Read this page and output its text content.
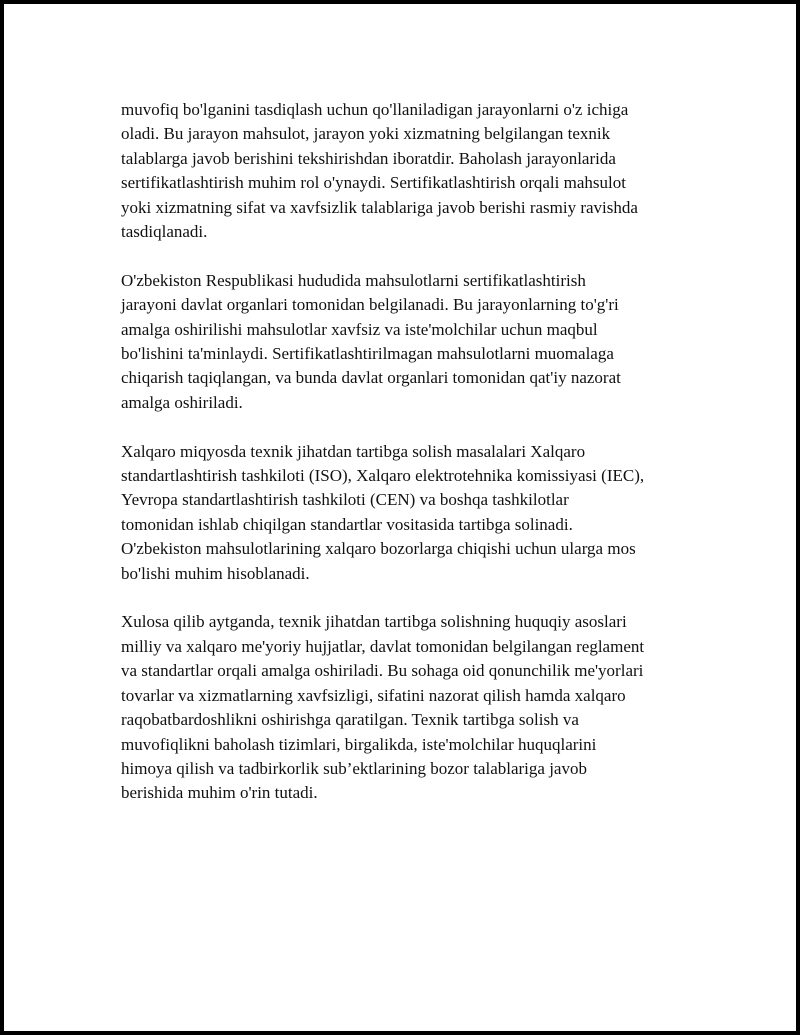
muvofiq bo'lganini tasdiqlash uchun qo'llaniladigan jarayonlarni o'z ichiga
oladi. Bu jarayon mahsulot, jarayon yoki xizmatning belgilangan texnik
talablarga javob berishini tekshirishdan iboratdir. Baholash jarayonlarida
sertifikatlashtirish muhim rol o'ynaydi. Sertifikatlashtirish orqali mahsulot
yoki xizmatning sifat va xavfsizlik talablariga javob berishi rasmiy ravishda
tasdiqlanadi.

O'zbekiston Respublikasi hududida mahsulotlarni sertifikatlashtirish
jarayoni davlat organlari tomonidan belgilanadi. Bu jarayonlarning to'g'ri
amalga oshirilishi mahsulotlar xavfsiz va iste'molchilar uchun maqbul
bo'lishini ta'minlaydi. Sertifikatlashtirilmagan mahsulotlarni muomalaga
chiqarish taqiqlangan, va bunda davlat organlari tomonidan qat'iy nazorat
amalga oshiriladi.

Xalqaro miqyosda texnik jihatdan tartibga solish masalalari Xalqaro
standartlashtirish tashkiloti (ISO), Xalqaro elektrotehnika komissiyasi (IEC),
Yevropa standartlashtirish tashkiloti (CEN) va boshqa tashkilotlar
tomonidan ishlab chiqilgan standartlar vositasida tartibga solinadi.
O'zbekiston mahsulotlarining xalqaro bozorlarga chiqishi uchun ularga mos
bo'lishi muhim hisoblanadi.

Xulosa qilib aytganda, texnik jihatdan tartibga solishning huquqiy asoslari
milliy va xalqaro me'yoriy hujjatlar, davlat tomonidan belgilangan reglament
va standartlar orqali amalga oshiriladi. Bu sohaga oid qonunchilik me'yorlari
tovarlar va xizmatlarning xavfsizligi, sifatini nazorat qilish hamda xalqaro
raqobatbardoshlikni oshirishga qaratilgan. Texnik tartibga solish va
muvofiqlikni baholash tizimlari, birgalikda, iste'molchilar huquqlarini
himoya qilish va tadbirkorlik sub’ektlarining bozor talablariga javob
berishida muhim o'rin tutadi.
